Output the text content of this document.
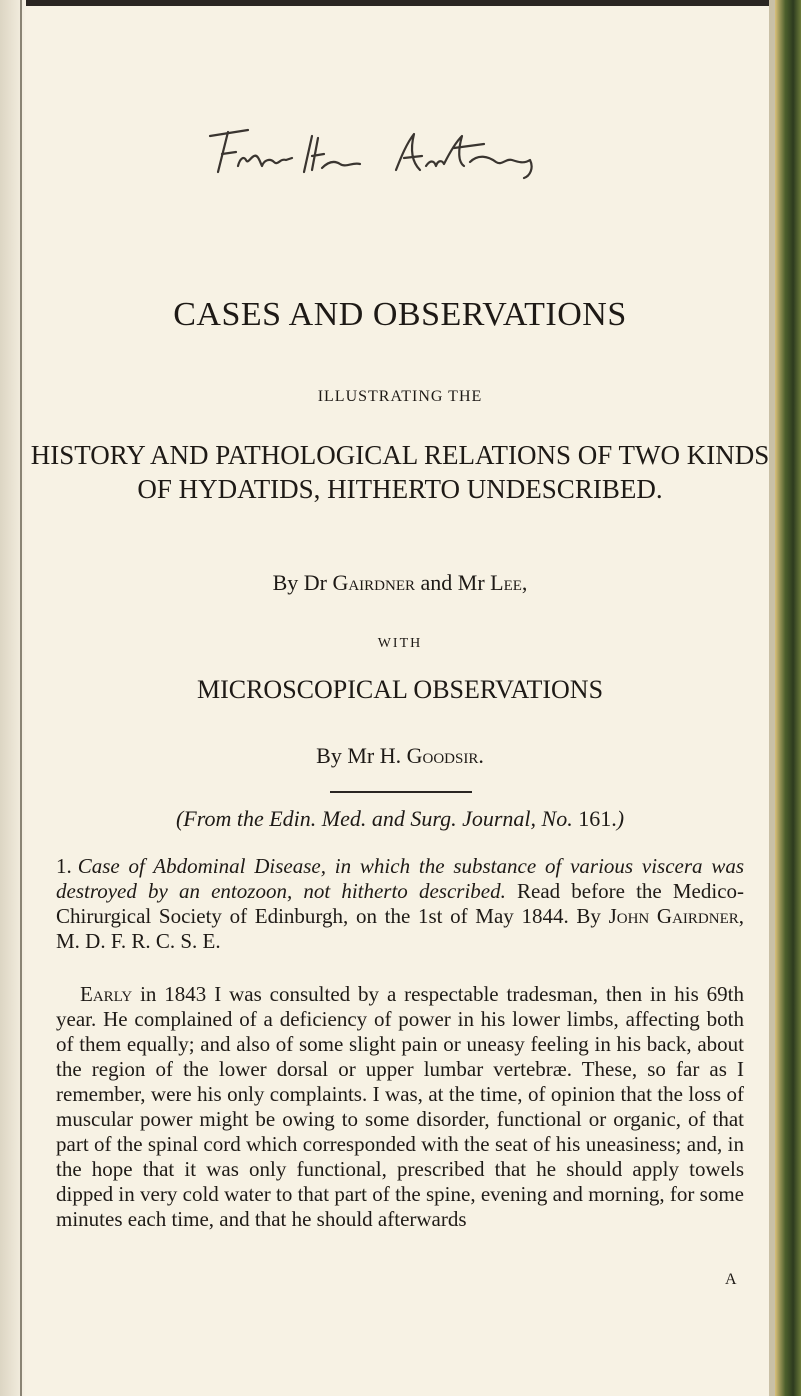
CASES AND OBSERVATIONS
ILLUSTRATING THE
HISTORY AND PATHOLOGICAL RELATIONS OF TWO KINDS OF HYDATIDS, HITHERTO UNDESCRIBED.
By Dr Gairdner and Mr Lee,
WITH
MICROSCOPICAL OBSERVATIONS
By Mr H. Goodsir.
(From the Edin. Med. and Surg. Journal, No. 161.)
1. Case of Abdominal Disease, in which the substance of various viscera was destroyed by an entozoon, not hitherto described. Read before the Medico-Chirurgical Society of Edinburgh, on the 1st of May 1844. By John Gairdner, M. D. F. R. C. S. E.
Early in 1843 I was consulted by a respectable tradesman, then in his 69th year. He complained of a deficiency of power in his lower limbs, affecting both of them equally; and also of some slight pain or uneasy feeling in his back, about the region of the lower dorsal or upper lumbar vertebræ. These, so far as I remember, were his only complaints. I was, at the time, of opinion that the loss of muscular power might be owing to some disorder, functional or organic, of that part of the spinal cord which corresponded with the seat of his uneasiness; and, in the hope that it was only functional, prescribed that he should apply towels dipped in very cold water to that part of the spine, evening and morning, for some minutes each time, and that he should afterwards
A
